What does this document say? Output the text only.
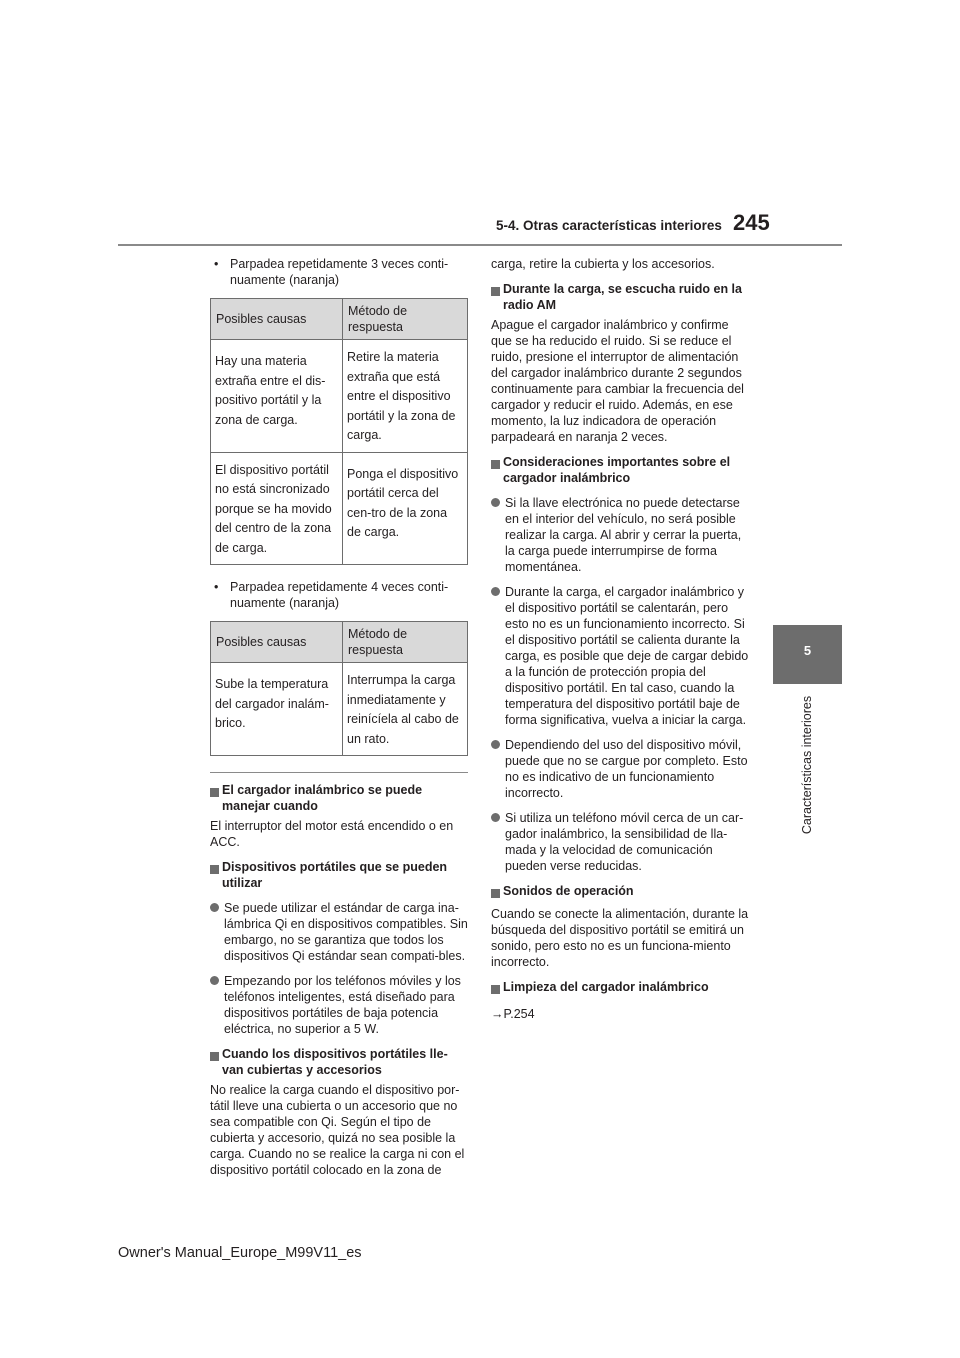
5-4. Otras características interiores 245
5
Características interiores
• Parpadea repetidamente 3 veces conti-nuamente (naranja)
Posibles causas	Método de respuesta
Hay una materia extraña entre el dis-positivo portátil y la zona de carga.	Retire la materia extraña que está entre el dispositivo portátil y la zona de carga.
El dispositivo portátil no está sincronizado porque se ha movido del centro de la zona de carga.	Ponga el dispositivo portátil cerca del cen-tro de la zona de carga.
• Parpadea repetidamente 4 veces conti-nuamente (naranja)
Posibles causas	Método de respuesta
Sube la temperatura del cargador inalám-brico.	Interrumpa la carga inmediatamente y reinícíela al cabo de un rato.
El cargador inalámbrico se puede manejar cuando

El interruptor del motor está encendido o en ACC.

Dispositivos portátiles que se pueden utilizar
Se puede utilizar el estándar de carga ina-lámbrica Qi en dispositivos compatibles. Sin embargo, no se garantiza que todos los dispositivos Qi estándar sean compati-bles.
Empezando por los teléfonos móviles y los teléfonos inteligentes, está diseñado para dispositivos portátiles de baja potencia eléctrica, no superior a 5 W.
Cuando los dispositivos portátiles lle-van cubiertas y accesorios

No realice la carga cuando el dispositivo por-tátil lleve una cubierta o un accesorio que no sea compatible con Qi. Según el tipo de cubierta y accesorio, quizá no sea posible la carga. Cuando no se realice la carga ni con el dispositivo portátil colocado en la zona de

carga, retire la cubierta y los accesorios.

Durante la carga, se escucha ruido en la radio AM

Apague el cargador inalámbrico y confirme que se ha reducido el ruido. Si se reduce el ruido, presione el interruptor de alimentación del cargador inalámbrico durante 2 segundos continuamente para cambiar la frecuencia del cargador y reducir el ruido. Además, en ese momento, la luz indicadora de operación parpadeará en naranja 2 veces.

Consideraciones importantes sobre el cargador inalámbrico
Si la llave electrónica no puede detectarse en el interior del vehículo, no será posible realizar la carga. Al abrir y cerrar la puerta, la carga puede interrumpirse de forma momentánea.
Durante la carga, el cargador inalámbrico y el dispositivo portátil se calentarán, pero esto no es un funcionamiento incorrecto. Si el dispositivo portátil se calienta durante la carga, es posible que deje de cargar debido a la función de protección propia del dispositivo portátil. En tal caso, cuando la temperatura del dispositivo portátil baje de forma significativa, vuelva a iniciar la carga.
Dependiendo del uso del dispositivo móvil, puede que no se cargue por completo. Esto no es indicativo de un funcionamiento incorrecto.
Si utiliza un teléfono móvil cerca de un car-gador inalámbrico, la sensibilidad de lla-mada y la velocidad de comunicación pueden verse reducidas.
Sonidos de operación

Cuando se conecte la alimentación, durante la búsqueda del dispositivo portátil se emitirá un sonido, pero esto no es un funciona-miento incorrecto.

Limpieza del cargador inalámbrico

→P.254

Owner's Manual_Europe_M99V11_es
